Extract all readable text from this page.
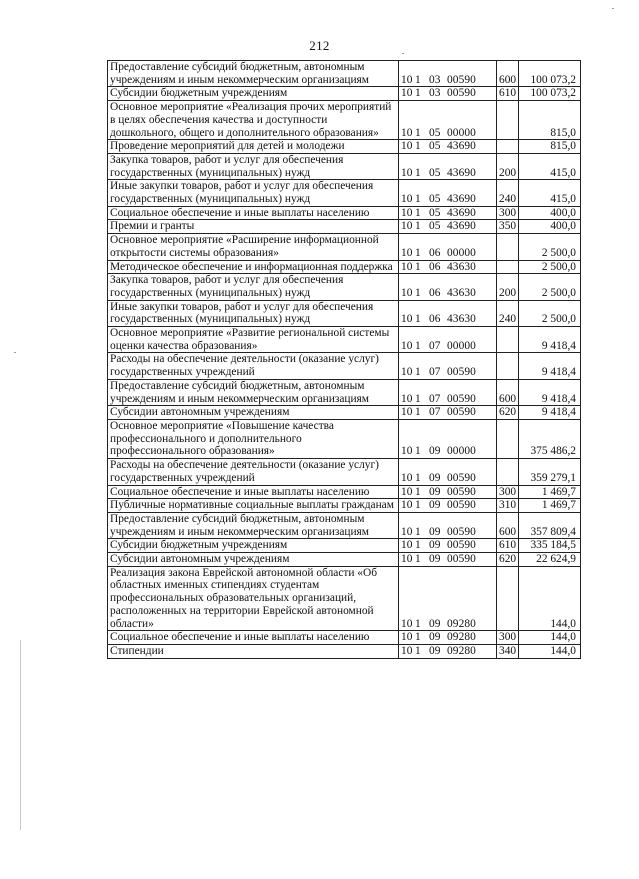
212
Предоставление субсидий бюджетным, автономным учреждениям и иным некоммерческим организациям	10 1 03 00590	600	100 073,2
Субсидии бюджетным учреждениям	10 1 03 00590	610	100 073,2
Основное мероприятие «Реализация прочих мероприятий в целях обеспечения качества и доступности дошкольного, общего и дополнительного образования»	10 1 05 00000		815,0
Проведение мероприятий для детей и молодежи	10 1 05 43690		815,0
Закупка товаров, работ и услуг для обеспечения государственных (муниципальных) нужд	10 1 05 43690	200	415,0
Иные закупки товаров, работ и услуг для обеспечения государственных (муниципальных) нужд	10 1 05 43690	240	415,0
Социальное обеспечение и иные выплаты населению	10 1 05 43690	300	400,0
Премии и гранты	10 1 05 43690	350	400,0
Основное мероприятие «Расширение информационной открытости системы образования»	10 1 06 00000		2 500,0
Методическое обеспечение и информационная поддержка	10 1 06 43630		2 500,0
Закупка товаров, работ и услуг для обеспечения государственных (муниципальных) нужд	10 1 06 43630	200	2 500,0
Иные закупки товаров, работ и услуг для обеспечения государственных (муниципальных) нужд	10 1 06 43630	240	2 500,0
Основное мероприятие «Развитие региональной системы оценки качества образования»	10 1 07 00000		9 418,4
Расходы на обеспечение деятельности (оказание услуг) государственных учреждений	10 1 07 00590		9 418,4
Предоставление субсидий бюджетным, автономным учреждениям и иным некоммерческим организациям	10 1 07 00590	600	9 418,4
Субсидии автономным учреждениям	10 1 07 00590	620	9 418,4
Основное мероприятие «Повышение качества профессионального и дополнительного профессионального образования»	10 1 09 00000		375 486,2
Расходы на обеспечение деятельности (оказание услуг) государственных учреждений	10 1 09 00590		359 279,1
Социальное обеспечение и иные выплаты населению	10 1 09 00590	300	1 469,7
Публичные нормативные социальные выплаты гражданам	10 1 09 00590	310	1 469,7
Предоставление субсидий бюджетным, автономным учреждениям и иным некоммерческим организациям	10 1 09 00590	600	357 809,4
Субсидии бюджетным учреждениям	10 1 09 00590	610	335 184,5
Субсидии автономным учреждениям	10 1 09 00590	620	22 624,9
Реализация закона Еврейской автономной области «Об областных именных стипендиях студентам профессиональных образовательных организаций, расположенных на территории Еврейской автономной области»	10 1 09 09280		144,0
Социальное обеспечение и иные выплаты населению	10 1 09 09280	300	144,0
Стипендии	10 1 09 09280	340	144,0
